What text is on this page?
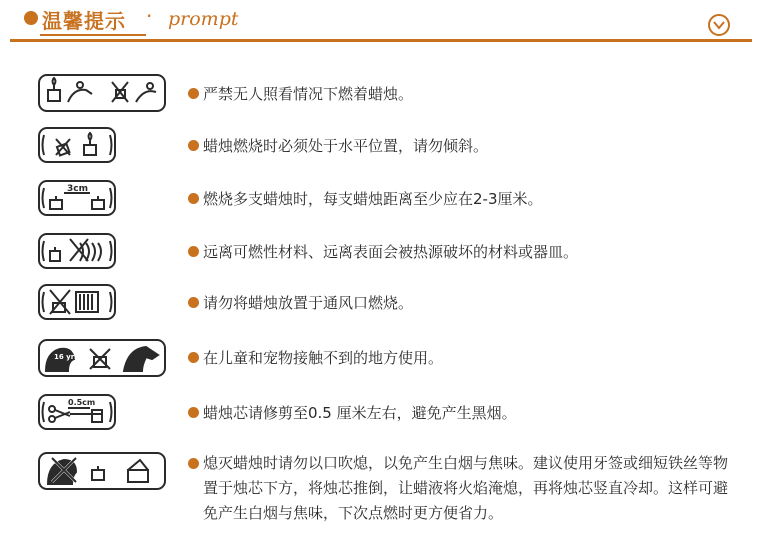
温馨提示 · prompt
严禁无人照看情况下燃着蜡烛。
蜡烛燃烧时必须处于水平位置，请勿倾斜。
3cm
燃烧多支蜡烛时，每支蜡烛距离至少应在2-3厘米。
远离可燃性材料、远离表面会被热源破坏的材料或器皿。
请勿将蜡烛放置于通风口燃烧。
16 yrs	在儿童和宠物接触不到的地方使用。
0.5cm
蜡烛芯请修剪至0.5 厘米左右，避免产生黑烟。
熄灭蜡烛时请勿以口吹熄，以免产生白烟与焦味。建议使用牙签或细短铁丝等物置于烛芯下方，将烛芯推倒，让蜡液将火焰淹熄，再将烛芯竖直冷却。这样可避免产生白烟与焦味，下次点燃时更方便省力。
